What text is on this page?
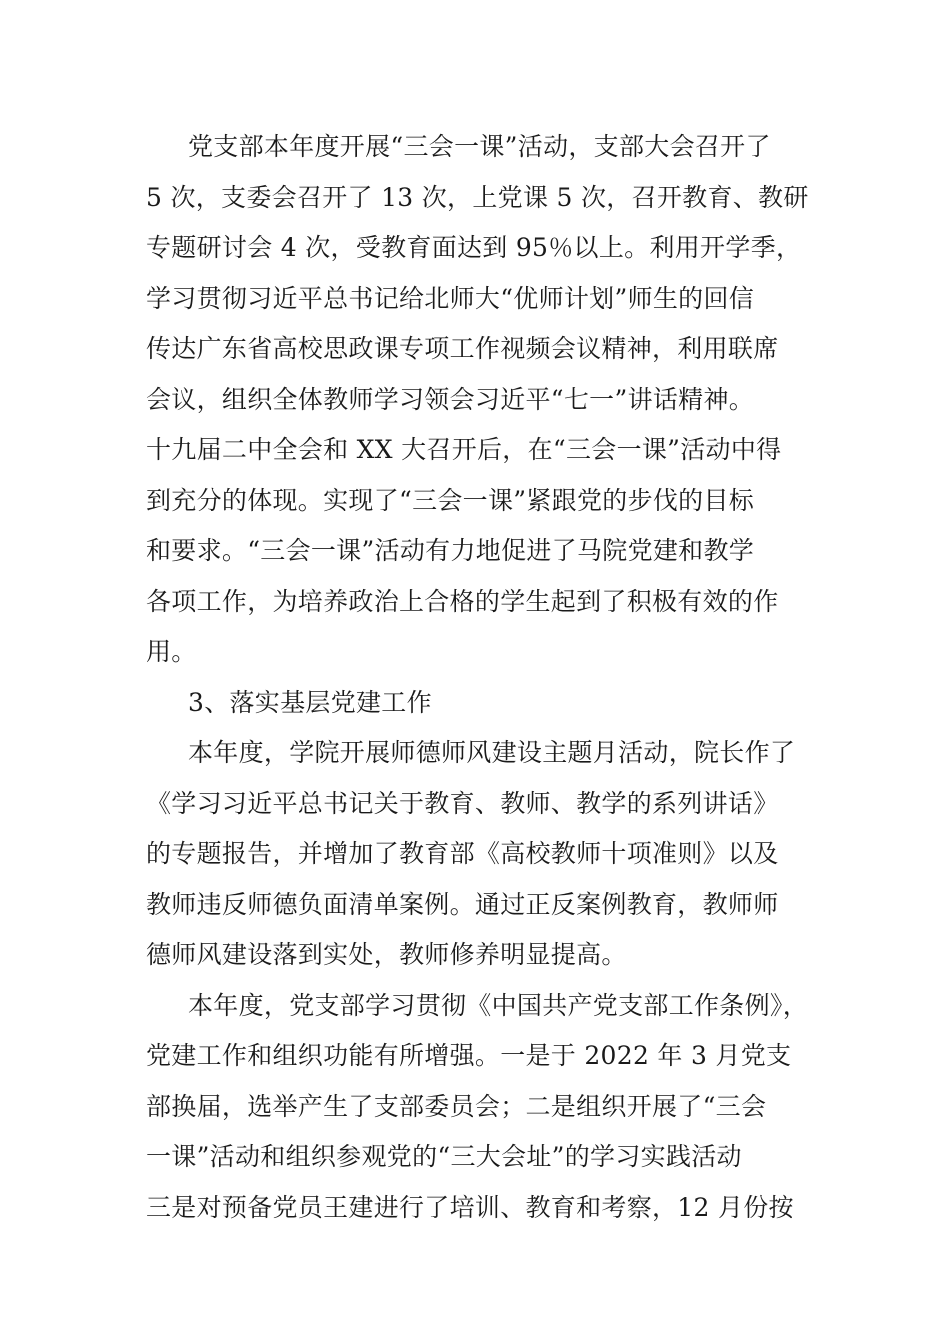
党支部本年度开展“三会一课”活动，支部大会召开了
5 次，支委会召开了 13 次，上党课 5 次，召开教育、教研
专题研讨会 4 次，受教育面达到 95％以上。利用开学季，
学习贯彻习近平总书记给北师大“优师计划”师生的回信
传达广东省高校思政课专项工作视频会议精神，利用联席
会议，组织全体教师学习领会习近平“七一”讲话精神。
十九届二中全会和 XX 大召开后，在“三会一课”活动中得
到充分的体现。实现了“三会一课”紧跟党的步伐的目标
和要求。“三会一课”活动有力地促进了马院党建和教学
各项工作，为培养政治上合格的学生起到了积极有效的作
用。
3、落实基层党建工作
本年度，学院开展师德师风建设主题月活动，院长作了
《学习习近平总书记关于教育、教师、教学的系列讲话》
的专题报告，并增加了教育部《高校教师十项准则》以及
教师违反师德负面清单案例。通过正反案例教育，教师师
德师风建设落到实处，教师修养明显提高。
本年度，党支部学习贯彻《中国共产党支部工作条例》，
党建工作和组织功能有所增强。一是于 2022 年 3 月党支
部换届，选举产生了支部委员会；二是组织开展了“三会
一课”活动和组织参观党的“三大会址”的学习实践活动
三是对预备党员王建进行了培训、教育和考察，12 月份按
